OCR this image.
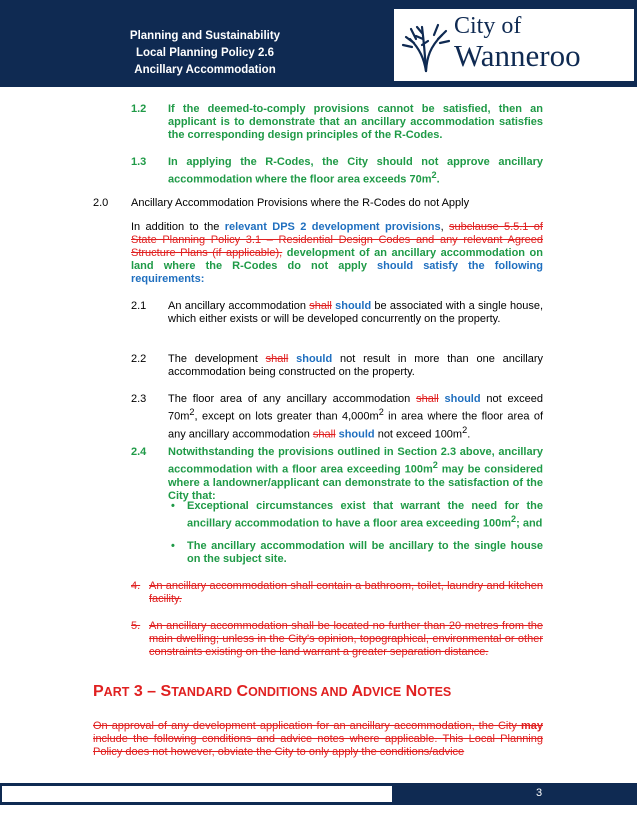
Planning and Sustainability
Local Planning Policy 2.6
Ancillary Accommodation
City of
Wanneroo
1.2 If the deemed-to-comply provisions cannot be satisfied, then an applicant is to demonstrate that an ancillary accommodation satisfies the corresponding design principles of the R-Codes.
1.3 In applying the R-Codes, the City should not approve ancillary accommodation where the floor area exceeds $70m^2$.
2.0 Ancillary Accommodation Provisions where the R-Codes do not Apply
In addition to the relevant DPS 2 development provisions, subclause 5.5.1 of State Planning Policy 3.1 – Residential Design Codes and any relevant Agreed Structure Plans (if applicable), development of an ancillary accommodation on land where the R-Codes do not apply should satisfy the following requirements:
2.1 An ancillary accommodation shall should be associated with a single house, which either exists or will be developed concurrently on the property.
2.2 The development shall should not result in more than one ancillary accommodation being constructed on the property.
2.3 The floor area of any ancillary accommodation shall should not exceed $70m^2$, except on lots greater than $4,000m^2$ in area where the floor area of any ancillary accommodation shall should not exceed $100m^2$.
2.4 Notwithstanding the provisions outlined in Section 2.3 above, ancillary accommodation with a floor area exceeding $100m^2$ may be considered where a landowner/applicant can demonstrate to the satisfaction of the City that:
• Exceptional circumstances exist that warrant the need for the ancillary accommodation to have a floor area exceeding $100m^2$; and
• The ancillary accommodation will be ancillary to the single house on the subject site.
4. An ancillary accommodation shall contain a bathroom, toilet, laundry and kitchen facility.
5. An ancillary accommodation shall be located no further than 20 metres from the main dwelling; unless in the City's opinion, topographical, environmental or other constraints existing on the land warrant a greater separation distance.
PART 3 – STANDARD CONDITIONS AND ADVICE NOTES
On approval of any development application for an ancillary accommodation, the City may include the following conditions and advice notes where applicable. This Local Planning Policy does not however, obviate the City to only apply the conditions/advice
3
